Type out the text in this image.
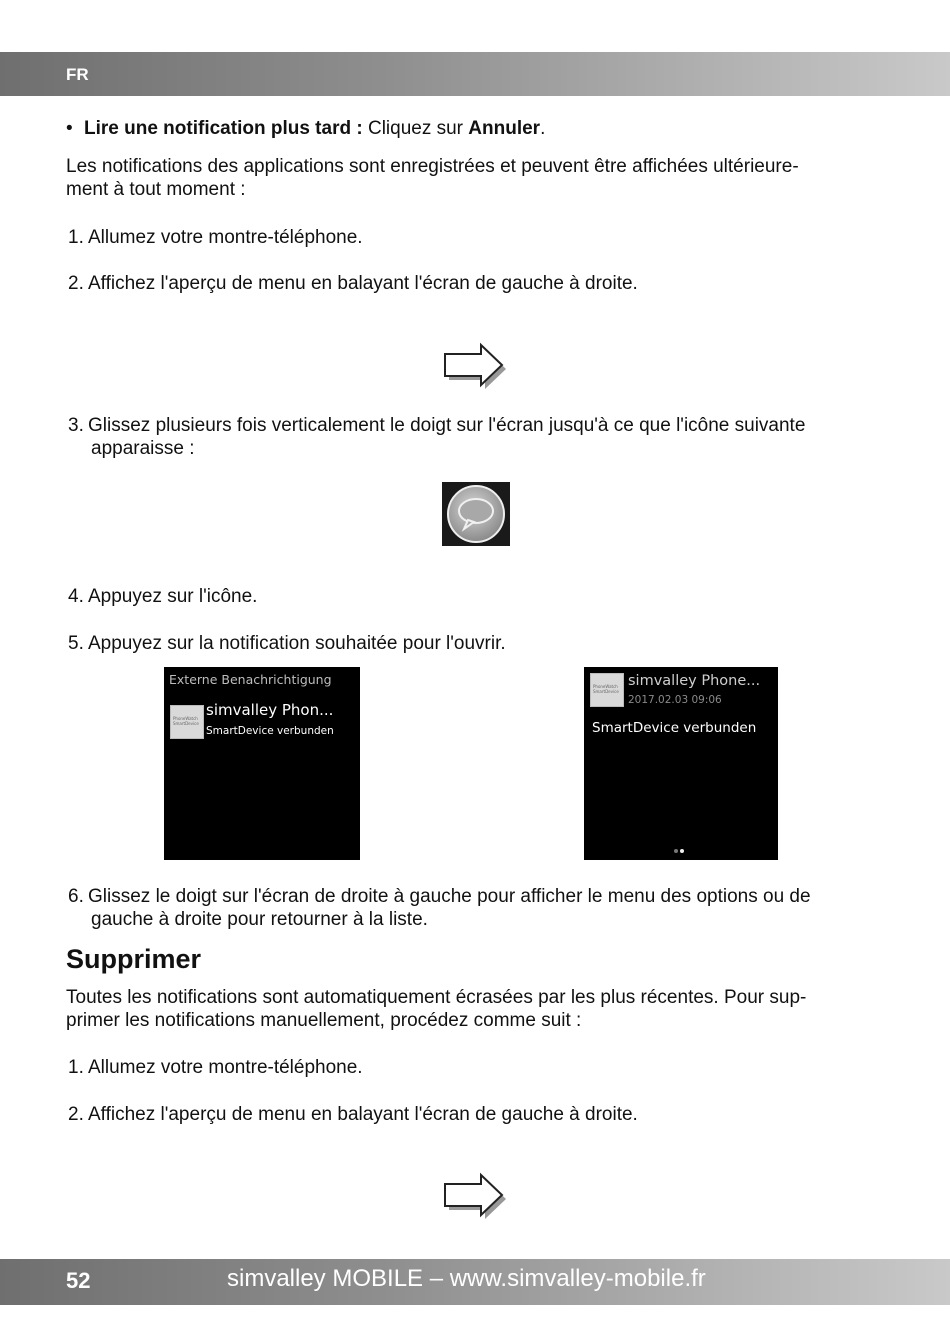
FR
• Lire une notification plus tard : Cliquez sur Annuler.
Les notifications des applications sont enregistrées et peuvent être affichées ultérieure-
ment à tout moment :
1. Allumez votre montre-téléphone.
2. Affichez l'aperçu de menu en balayant l'écran de gauche à droite.
3. Glissez plusieurs fois verticalement le doigt sur l'écran jusqu'à ce que l'icône suivante
apparaisse :
4. Appuyez sur l'icône.
5. Appuyez sur la notification souhaitée pour l'ouvrir.
Externe Benachrichtigung
PhoneWatch SmartDevice
simvalley Phon...
SmartDevice verbunden
PhoneWatch SmartDevice
simvalley Phone...
2017.02.03 09:06
SmartDevice verbunden
6. Glissez le doigt sur l'écran de droite à gauche pour afficher le menu des options ou de
gauche à droite pour retourner à la liste.
Supprimer
Toutes les notifications sont automatiquement écrasées par les plus récentes. Pour sup-
primer les notifications manuellement, procédez comme suit :
1. Allumez votre montre-téléphone.
2. Affichez l'aperçu de menu en balayant l'écran de gauche à droite.
52	simvalley MOBILE – www.simvalley-mobile.fr
